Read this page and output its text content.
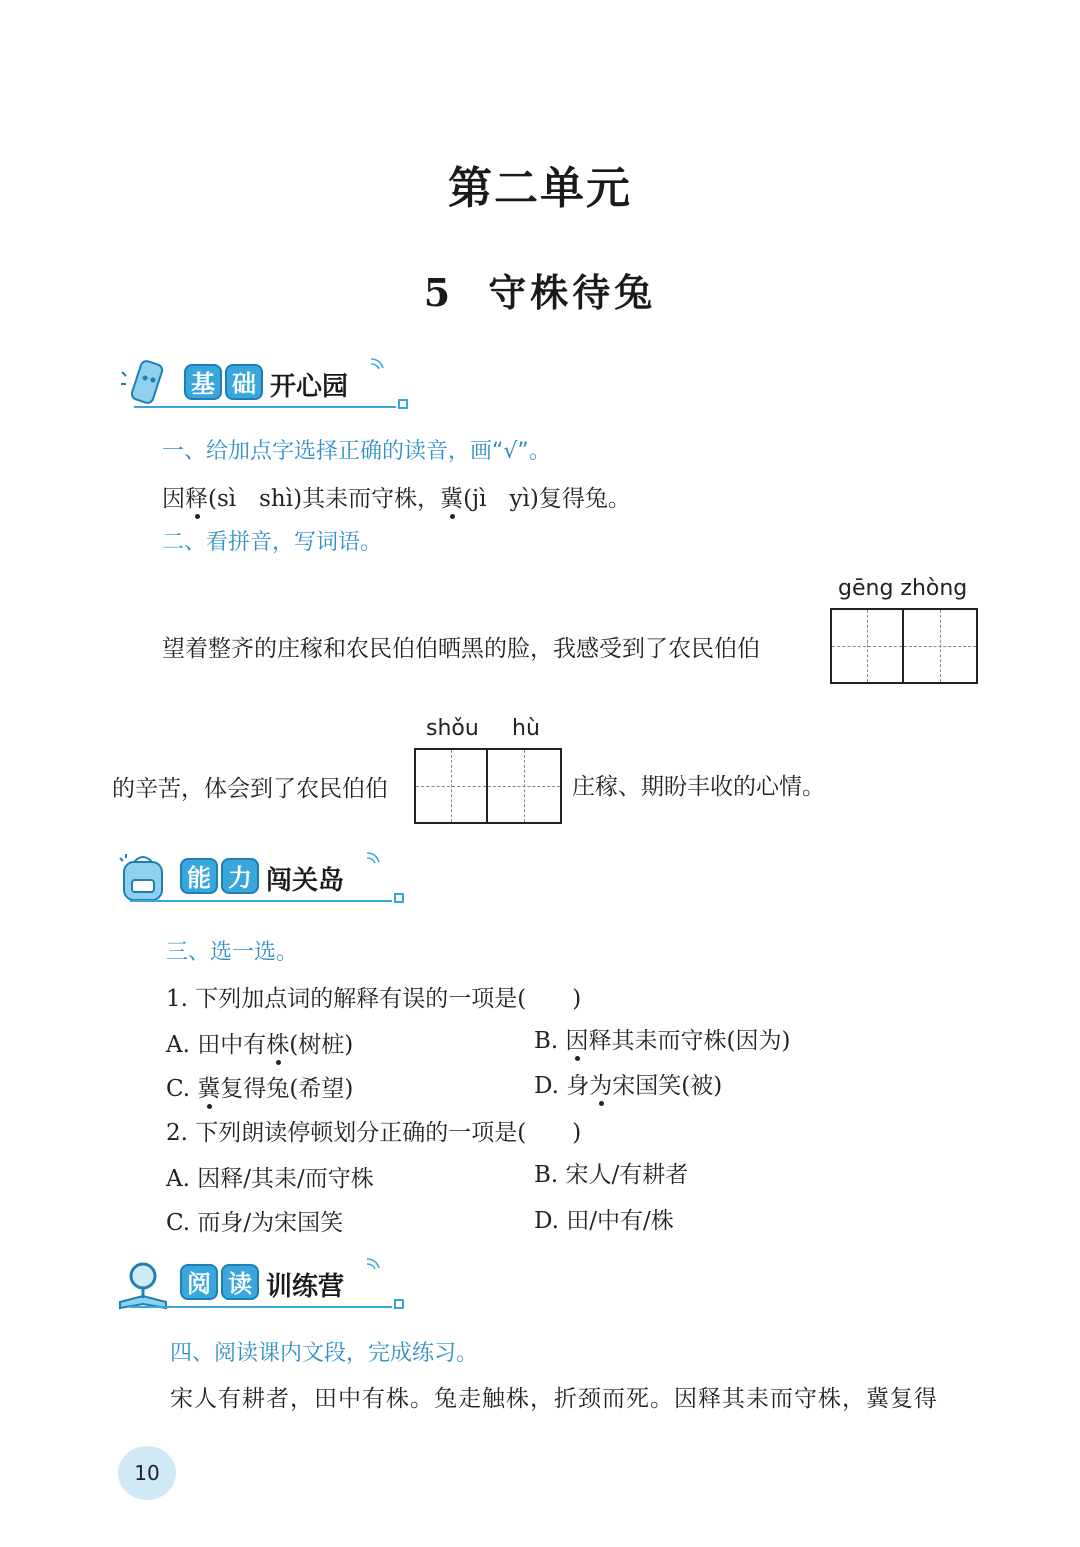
第二单元
5 守株待兔
基 础 开心园
一、给加点字选择正确的读音，画“√”。
因释(sì　shì)其耒而守株，冀(jì　yì)复得兔。
二、看拼音，写词语。
gēng zhòng
望着整齐的庄稼和农民伯伯晒黑的脸，我感受到了农民伯伯
shǒu hù
的辛苦，体会到了农民伯伯	庄稼、期盼丰收的心情。
能 力 闯关岛
三、选一选。
1. 下列加点词的解释有误的一项是(　　)
A. 田中有株(树桩)	B. 因释其耒而守株(因为)
C. 冀复得兔(希望)	D. 身为宋国笑(被)
2. 下列朗读停顿划分正确的一项是(　　)
A. 因释/其耒/而守株	B. 宋人/有耕者
C. 而身/为宋国笑	D. 田/中有/株
阅 读 训练营
四、阅读课内文段，完成练习。
宋人有耕者，田中有株。兔走触株，折颈而死。因释其耒而守株，冀复得
10
